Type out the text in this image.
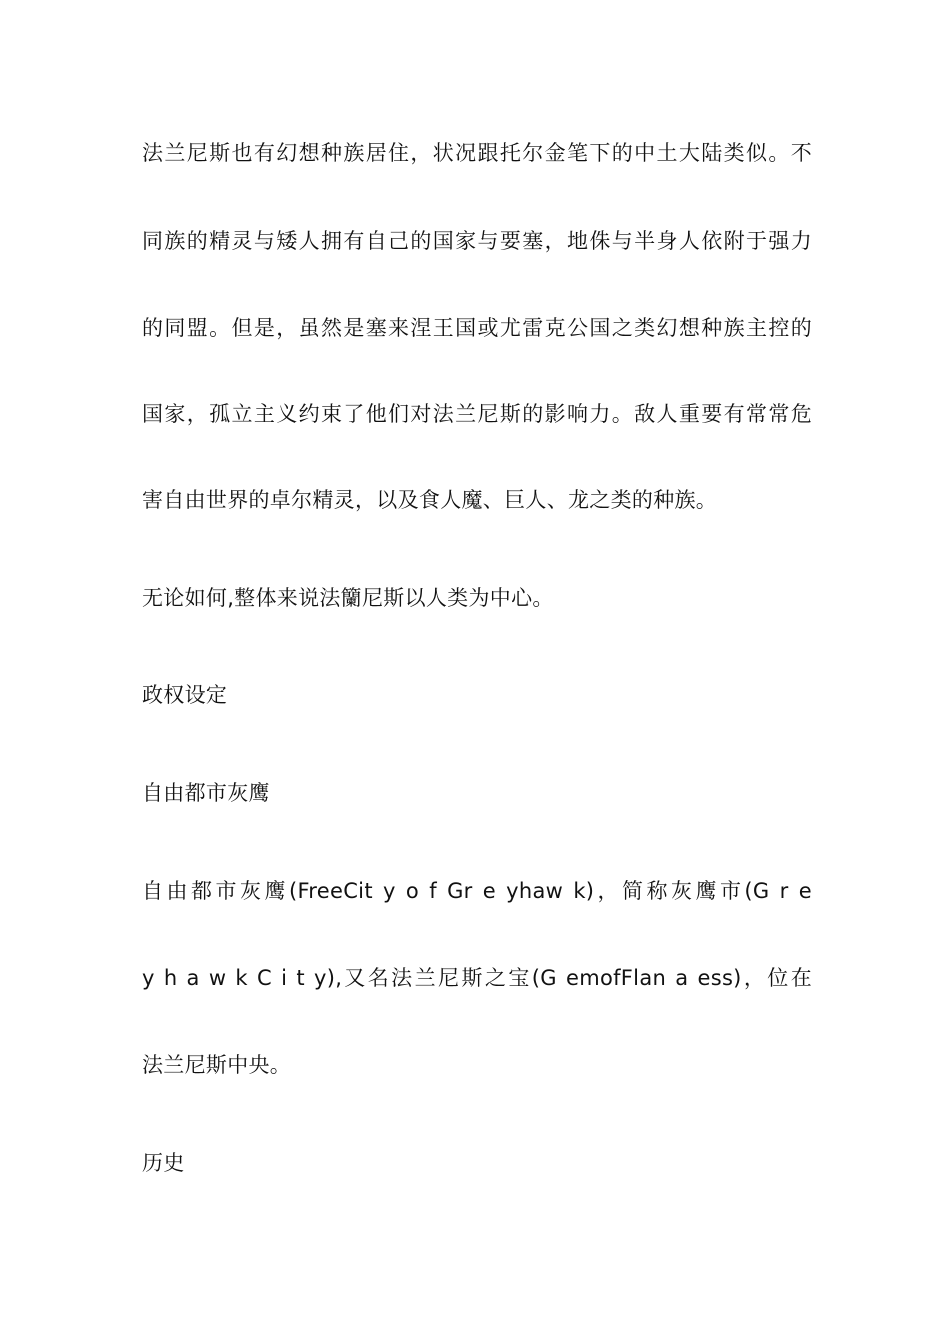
法兰尼斯也有幻想种族居住，状况跟托尔金笔下的中土大陆类似。不
同族的精灵与矮人拥有自己的国家与要塞，地侏与半身人依附于强力
的同盟。但是，虽然是塞来涅王国或尤雷克公国之类幻想种族主控的
国家，孤立主义约束了他们对法兰尼斯的影响力。敌人重要有常常危
害自由世界的卓尔精灵，以及食人魔、巨人、龙之类的种族。
无论如何,整体来说法籣尼斯以人类为中心。
政权设定
自由都市灰鹰
自由都市灰鹰(FreeCit y o f Gr e yhaw k)，简称灰鹰市(G r e
y h a w k C i t y),又名法兰尼斯之宝(G emofFlan a ess)，位在
法兰尼斯中央。
历史
